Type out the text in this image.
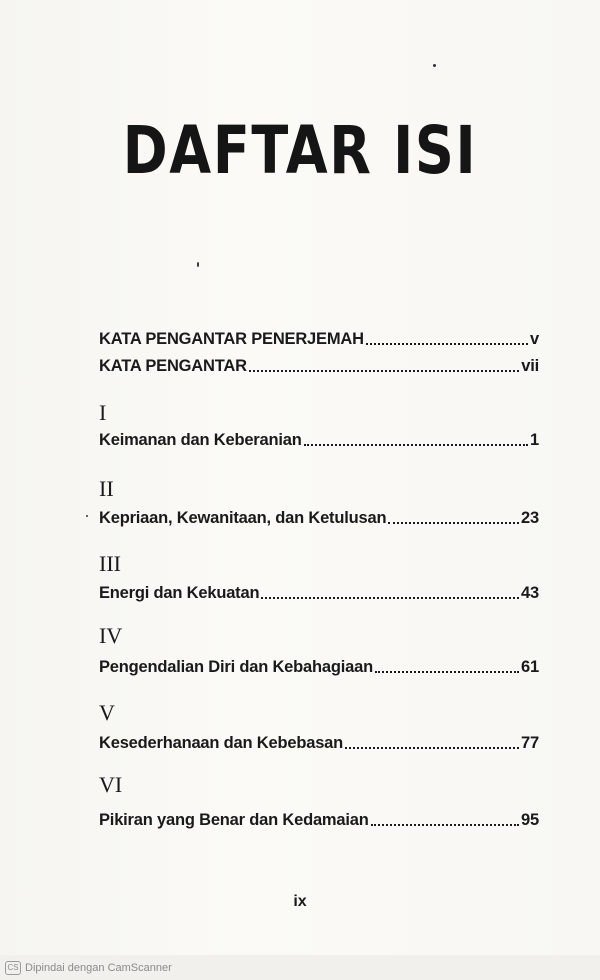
DAFTAR ISI
KATA PENGANTAR PENERJEMAH	v
KATA PENGANTAR	vii
I
Keimanan dan Keberanian	1
II
Kepriaan, Kewanitaan, dan Ketulusan	23
III
Energi dan Kekuatan	43
IV
Pengendalian Diri dan Kebahagiaan	61
V
Kesederhanaan dan Kebebasan	77
VI
Pikiran yang Benar dan Kedamaian	95
ix
CS Dipindai dengan CamScanner
